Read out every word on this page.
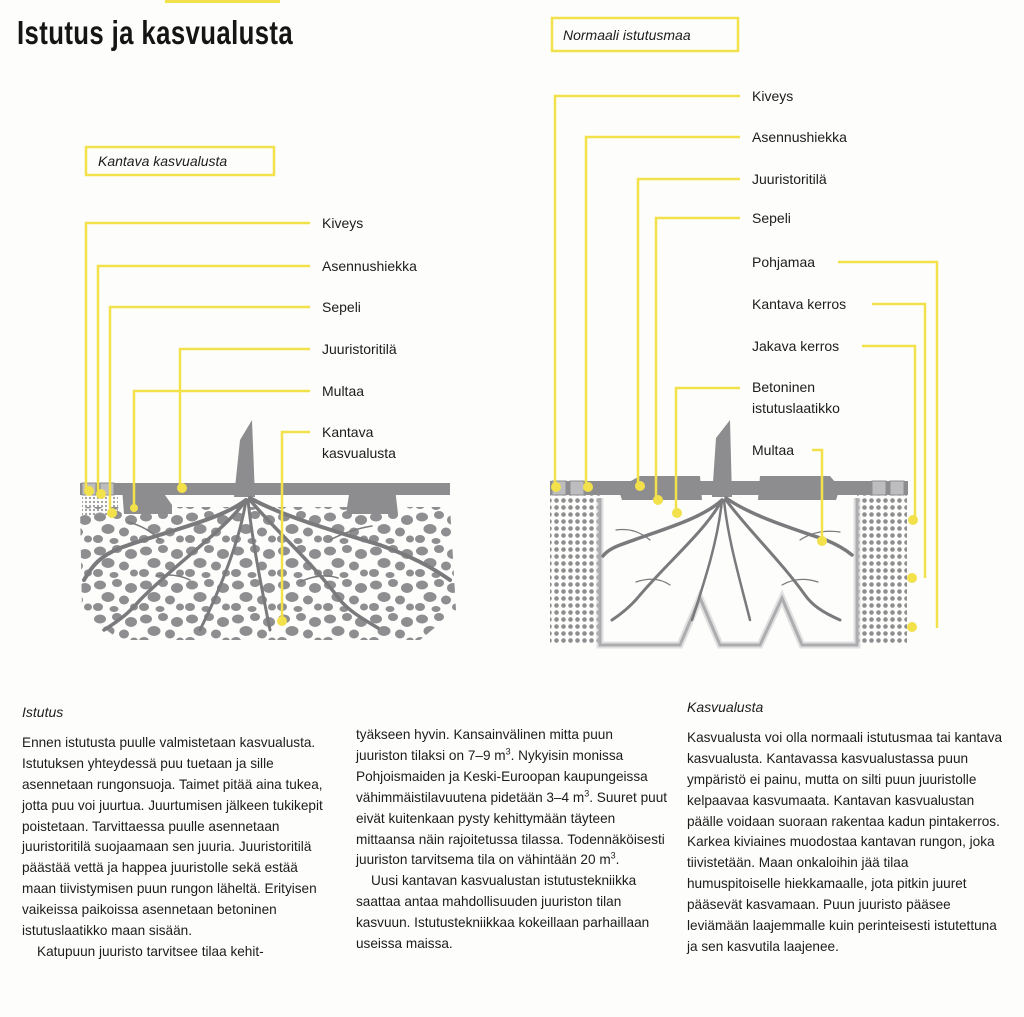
Istutus ja kasvualusta
Kantava kasvualusta
Kiveys
Asennushiekka
Sepeli
Juuristoritilä
Multaa
Kantava
kasvualusta
Normaali istutusmaa
Kiveys
Asennushiekka
Juuristoritilä
Sepeli
Pohjamaa
Kantava kerros
Jakava kerros
Betoninen
istutuslaatikko
Multaa
Istutus

Ennen istutusta puulle valmistetaan kasvualusta. Istutuksen yhteydessä puu tuetaan ja sille asennetaan rungonsuoja. Taimet pitää aina tukea, jotta puu voi juurtua. Juurtumisen jälkeen tukikepit poistetaan. Tarvittaessa puulle asennetaan juuristoritilä suojaamaan sen juuria. Juuristoritilä päästää vettä ja happea juuristolle sekä estää maan tiivistymisen puun rungon läheltä. Erityisen vaikeissa paikoissa asennetaan betoninen istutuslaatikko maan sisään.

Katupuun juuristo tarvitsee tilaa kehit-

tyäkseen hyvin. Kansainvälinen mitta puun juuriston tilaksi on 7–9 $m^3$. Nykyisin monissa Pohjoismaiden ja Keski-Euroopan kaupungeissa vähimmäistilavuutena pidetään 3–4 $m^3$. Suuret puut eivät kuitenkaan pysty kehittymään täyteen mittaansa näin rajoitetussa tilassa. Todennäköisesti juuriston tarvitsema tila on vähintään 20 $m^3$.

Uusi kantavan kasvualustan istutustekniikka saattaa antaa mahdollisuuden juuriston tilan kasvuun. Istutustekniikkaa kokeillaan parhaillaan useissa maissa.

Kasvualusta

Kasvualusta voi olla normaali istutusmaa tai kantava kasvualusta. Kantavassa kasvualustassa puun ympäristö ei painu, mutta on silti puun juuristolle kelpaavaa kasvumaata. Kantavan kasvualustan päälle voidaan suoraan rakentaa kadun pintakerros. Karkea kiviaines muodostaa kantavan rungon, joka tiivistetään. Maan onkaloihin jää tilaa humuspitoiselle hiekkamaalle, jota pitkin juuret pääsevät kasvamaan. Puun juuristo pääsee leviämään laajemmalle kuin perinteisesti istutettuna ja sen kasvutila laajenee.
